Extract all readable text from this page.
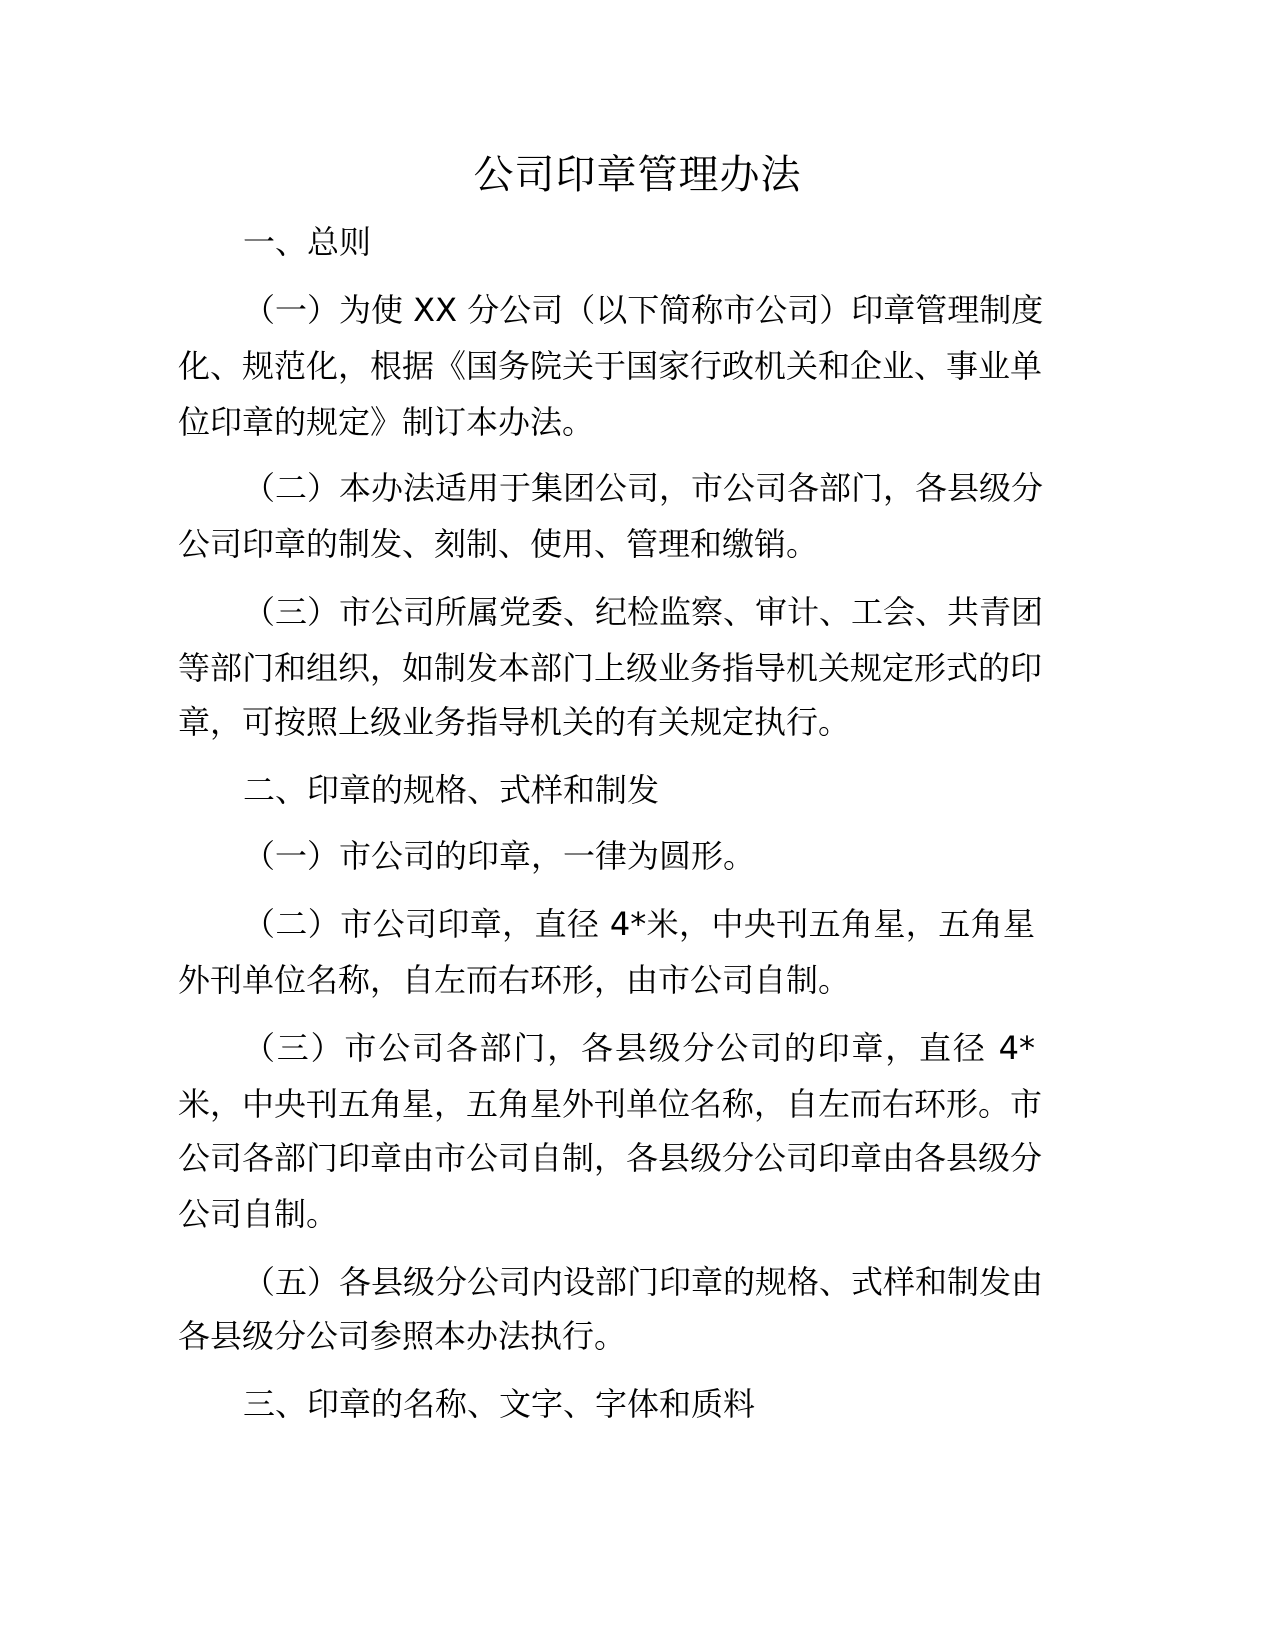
公司印章管理办法
一、总则
（一）为使 XX 分公司（以下简称市公司）印章管理制度
化、规范化，根据《国务院关于国家行政机关和企业、事业单
位印章的规定》制订本办法。
（二）本办法适用于集团公司，市公司各部门，各县级分
公司印章的制发、刻制、使用、管理和缴销。
（三）市公司所属党委、纪检监察、审计、工会、共青团
等部门和组织，如制发本部门上级业务指导机关规定形式的印
章，可按照上级业务指导机关的有关规定执行。
二、印章的规格、式样和制发
（一）市公司的印章，一律为圆形。
（二）市公司印章，直径 4*米，中央刊五角星，五角星
外刊单位名称，自左而右环形，由市公司自制。
（三）市公司各部门，各县级分公司的印章，直径 4*
米，中央刊五角星，五角星外刊单位名称，自左而右环形。市
公司各部门印章由市公司自制，各县级分公司印章由各县级分
公司自制。
（五）各县级分公司内设部门印章的规格、式样和制发由
各县级分公司参照本办法执行。
三、印章的名称、文字、字体和质料
